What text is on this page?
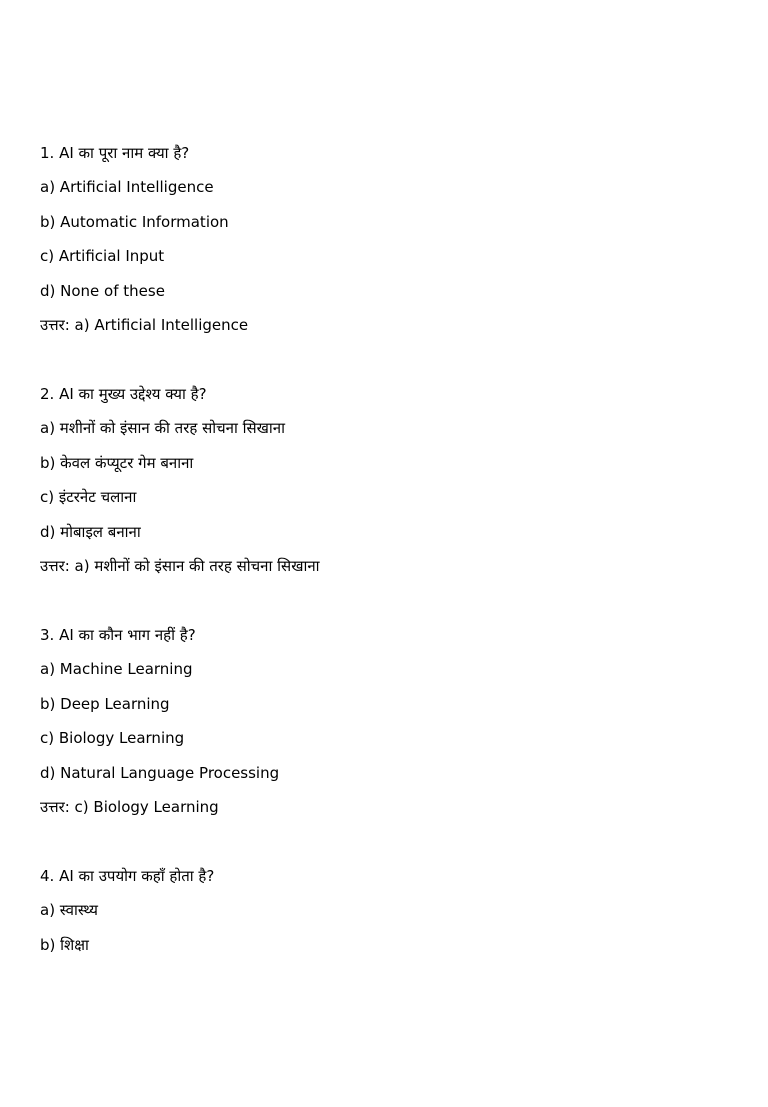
1. AI का पूरा नाम क्या है?
a) Artificial Intelligence
b) Automatic Information
c) Artificial Input
d) None of these
उत्तर: a) Artificial Intelligence
2. AI का मुख्य उद्देश्य क्या है?
a) मशीनों को इंसान की तरह सोचना सिखाना
b) केवल कंप्यूटर गेम बनाना
c) इंटरनेट चलाना
d) मोबाइल बनाना
उत्तर: a) मशीनों को इंसान की तरह सोचना सिखाना
3. AI का कौन भाग नहीं है?
a) Machine Learning
b) Deep Learning
c) Biology Learning
d) Natural Language Processing
उत्तर: c) Biology Learning
4. AI का उपयोग कहाँ होता है?
a) स्वास्थ्य
b) शिक्षा
